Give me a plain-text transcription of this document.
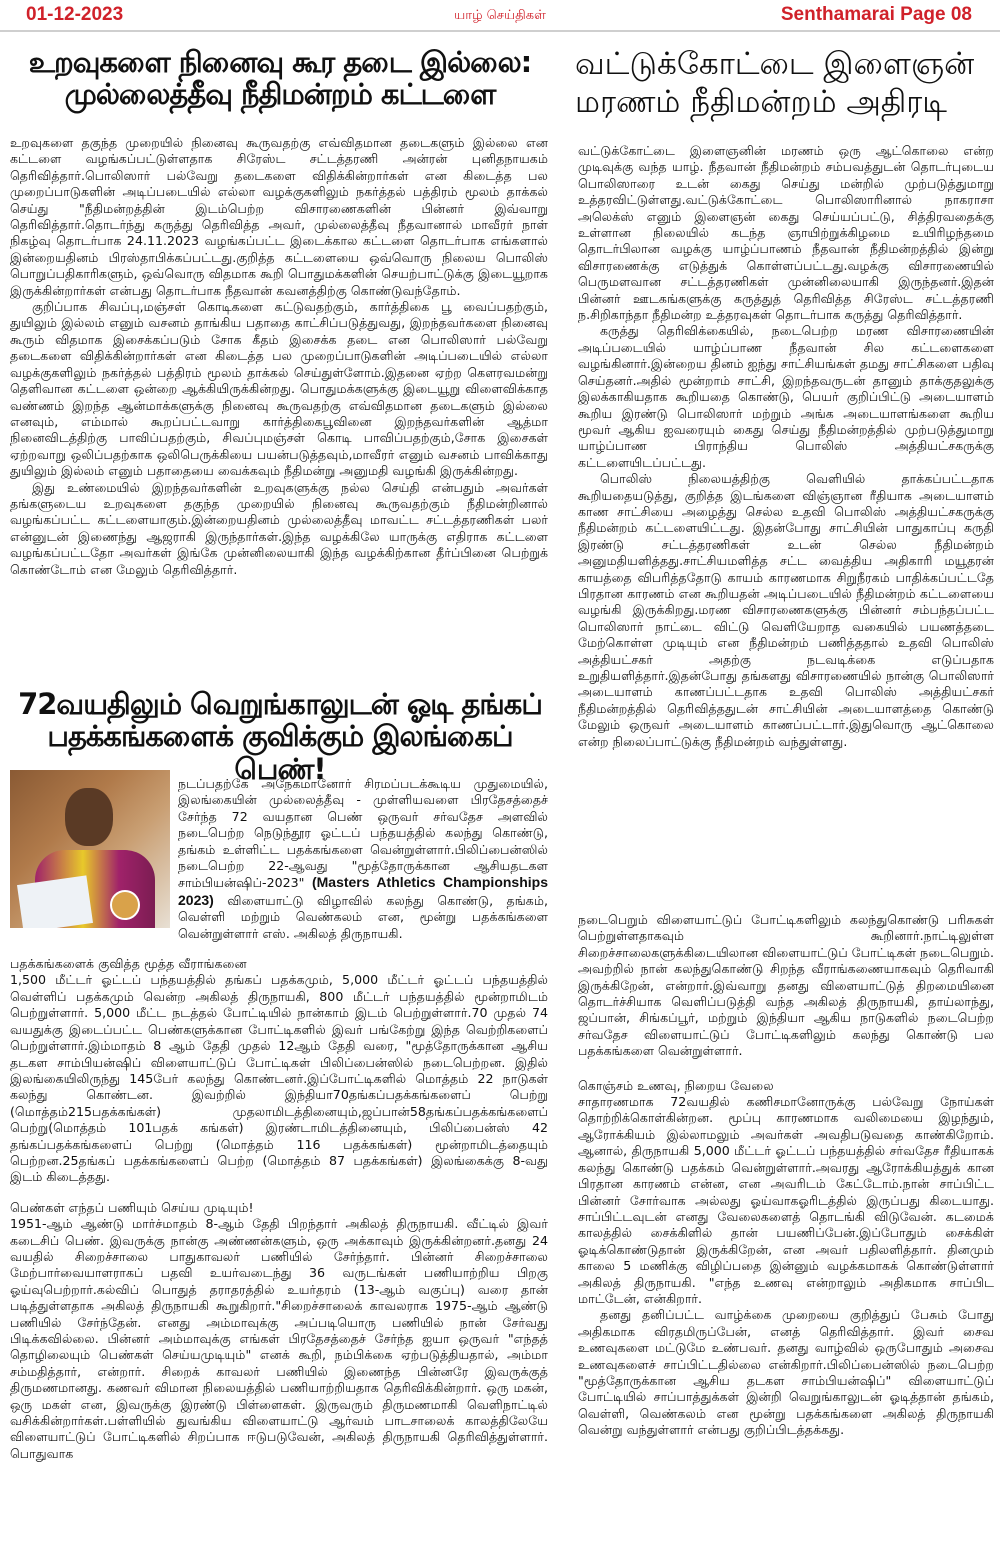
01-12-2023	யாழ் செய்திகள்	Senthamarai Page 08
உறவுகளை நினைவு கூர தடை இல்லை:
முல்லைத்தீவு நீதிமன்றம் கட்டளை

உறவுகளை தகுந்த முறையில் நினைவு கூருவதற்கு எவ்விதமான தடைகளும் இல்லை என கட்டளை வழங்கப்பட்டுள்ளதாக சிரேஸ்ட சட்டத்தரணி அன்ரன் புனிதநாயகம் தெரிவித்தார்.பொலிஸார் பல்வேறு தடைகளை விதிக்கின்றார்கள் என கிடைத்த பல முறைப்பாடுகளின் அடிப்படையில் எல்லா வழக்குகளிலும் நகர்த்தல் பத்திரம் மூலம் தாக்கல் செய்து "நீதிமன்றத்தின் இடம்பெற்ற விசாரணைகளின் பின்னர் இவ்வாறு தெரிவித்தார்.தொடர்ந்து கருத்து தெரிவித்த அவர், முல்லைத்தீவு நீதவானால் மாவீரர் நாள் நிகழ்வு தொடர்பாக 24.11.2023 வழங்கப்பட்ட இடைக்கால கட்டளை தொடர்பாக எங்களால் இன்றையதினம் பிரஸ்தாபிக்கப்பட்டது.குறித்த கட்டளையை ஒவ்வொரு நிலைய பொலிஸ் பொறுப்பதிகாரிகளும், ஒவ்வொரு விதமாக கூறி பொதுமக்களின் செயற்பாட்டுக்கு இடையூறாக இருக்கின்றார்கள் என்பது தொடர்பாக நீதவான் கவனத்திற்கு கொண்டுவந்தோம்.

குறிப்பாக சிவப்பு,மஞ்சள் கொடிகளை கட்டுவதற்கும், கார்த்திகை பூ வைப்பதற்கும், துயிலும் இல்லம் எனும் வசனம் தாங்கிய பதாதை காட்சிப்படுத்துவது, இறந்தவர்களை நினைவு கூரும் விதமாக இசைக்கப்படும் சோக கீதம் இசைக்க தடை என பொலிஸார் பல்வேறு தடைகளை விதிக்கின்றார்கள் என கிடைத்த பல முறைப்பாடுகளின் அடிப்படையில் எல்லா வழக்குகளிலும் நகர்த்தல் பத்திரம் மூலம் தாக்கல் செய்துள்ளோம்.இதனை ஏற்ற கௌரவமன்று தெளிவான கட்டளை ஒன்றை ஆக்கியிருக்கின்றது. பொதுமக்களுக்கு இடையூறு விளைவிக்காத வண்ணம் இறந்த ஆன்மாக்களுக்கு நினைவு கூருவதற்கு எவ்விதமான தடைகளும் இல்லை எனவும், எம்மால் கூறப்பட்டவாறு கார்த்திகைபூவினை இறந்தவர்களின் ஆத்மா நினைவிடத்திற்கு பாவிப்பதற்கும், சிவப்புமஞ்சள் கொடி பாவிப்பதற்கும்,சோக இசைகள் ஏற்றவாறு ஒலிப்பதற்காக ஒலிபெருக்கியை பயன்படுத்தவும்,மாவீரர் எனும் வசனம் பாவிக்காது துயிலும் இல்லம் எனும் பதாதையை வைக்கவும் நீதிமன்று அனுமதி வழங்கி இருக்கின்றது.

இது உண்மையில் இறந்தவர்களின் உறவுகளுக்கு நல்ல செய்தி என்பதும் அவர்கள் தங்களுடைய உறவுகளை தகுந்த முறையில் நினைவு கூருவதற்கும் நீதிமன்றினால் வழங்கப்பட்ட கட்டளையாகும்.இன்றையதினம் முல்லைத்தீவு மாவட்ட சட்டத்தரணிகள் பலர் என்னுடன் இணைந்து ஆஜராகி இருந்தார்கள்.இந்த வழக்கிலே யாருக்கு எதிராக கட்டளை வழங்கப்பட்டதோ அவர்கள் இங்கே முன்னிலையாகி இந்த வழக்கிற்கான தீர்ப்பினை பெற்றுக் கொண்டோம் என மேலும் தெரிவித்தார்.

72வயதிலும் வெறுங்காலுடன் ஓடி தங்கப்
பதக்கங்களைக் குவிக்கும் இலங்கைப் பெண்!

நடப்பதற்கே அநேகமானோர் சிரமப்படக்கூடிய முதுமையில், இலங்கையின் முல்லைத்தீவு - முள்ளியவளை பிரதேசத்தைச் சேர்ந்த 72 வயதான பெண் ஒருவர் சர்வதேச அளவில் நடைபெற்ற நெடுந்தூர ஓட்டப் பந்தயத்தில் கலந்து கொண்டு, தங்கம் உள்ளிட்ட பதக்கங்களை வென்றுள்ளார்.பிலிப்பைன்ஸில் நடைபெற்ற 22-ஆவது "மூத்தோருக்கான ஆசியதடகள சாம்பியன்ஷிப்-2023" (Masters Athletics Championships 2023) விளையாட்டு விழாவில் கலந்து கொண்டு, தங்கம், வெள்ளி மற்றும் வெண்கலம் என, மூன்று பதக்கங்களை வென்றுள்ளார் எஸ். அகிலத் திருநாயகி.

பதக்கங்களைக் குவித்த மூத்த வீராங்கனை

1,500 மீட்டர் ஓட்டப் பந்தயத்தில் தங்கப் பதக்கமும், 5,000 மீட்டர் ஓட்டப் பந்தயத்தில் வெள்ளிப் பதக்கமும் வென்ற அகிலத் திருநாயகி, 800 மீட்டர் பந்தயத்தில் மூன்றாமிடம் பெற்றுள்ளார். 5,000 மீட்ட நடத்தல் போட்டியில் நான்காம் இடம் பெற்றுள்ளார்.70 முதல் 74 வயதுக்கு இடைப்பட்ட பெண்களுக்கான போட்டிகளில் இவர் பங்கேற்று இந்த வெற்றிகளைப் பெற்றுள்ளார்.இம்மாதம் 8 ஆம் தேதி முதல் 12ஆம் தேதி வரை, "மூத்தோருக்கான ஆசிய தடகள சாம்பியன்ஷிப் விளையாட்டுப் போட்டிகள் பிலிப்பைன்ஸில் நடைபெற்றன. இதில் இலங்கையிலிருந்து 145பேர் கலந்து கொண்டனர்.இப்போட்டிகளில் மொத்தம் 22 நாடுகள் கலந்து கொண்டன. இவற்றில் இந்தியா70தங்கப்பதக்கங்களைப் பெற்று (மொத்தம்215பதக்கங்கள்) முதலாமிடத்தினையும்,ஜப்பான்58தங்கப்பதக்கங்களைப் பெற்று(மொத்தம் 101பதக் கங்கள்) இரண்டாமிடத்தினையும், பிலிப்பைன்ஸ் 42 தங்கப்பதக்கங்களைப் பெற்று (மொத்தம் 116 பதக்கங்கள்) மூன்றாமிடத்தையும் பெற்றன.25தங்கப் பதக்கங்களைப் பெற்ற (மொத்தம் 87 பதக்கங்கள்) இலங்கைக்கு 8-வது இடம் கிடைத்தது.

பெண்கள் எந்தப் பணியும் செய்ய முடியும்!

1951-ஆம் ஆண்டு மார்ச்மாதம் 8-ஆம் தேதி பிறந்தார் அகிலத் திருநாயகி. வீட்டில் இவர் கடைசிப் பெண். இவருக்கு நான்கு அண்ணன்களும், ஒரு அக்காவும் இருக்கின்றனர்.தனது 24 வயதில் சிறைச்சாலை பாதுகாவலர் பணியில் சேர்ந்தார். பின்னர் சிறைச்சாலை மேற்பார்வையாளராகப் பதவி உயர்வடைந்து 36 வருடங்கள் பணியாற்றிய பிறகு ஓய்வுபெற்றார்.கல்விப் பொதுத் தராதரத்தில் உயர்தரம் (13-ஆம் வகுப்பு) வரை தான் படித்துள்ளதாக அகிலத் திருநாயகி கூறுகிறார்."சிறைச்சாலைக் காவலராக 1975-ஆம் ஆண்டு பணியில் சேர்ந்தேன். எனது அம்மாவுக்கு அப்படியொரு பணியில் நான் சேர்வது பிடிக்கவில்லை. பின்னர் அம்மாவுக்கு எங்கள் பிரதேசத்தைச் சேர்ந்த ஐயா ஒருவர் "எந்தத் தொழிலையும் பெண்கள் செய்யமுடியும்" எனக் கூறி, நம்பிக்கை ஏற்படுத்தியதால், அம்மா சம்மதித்தார், என்றார். சிறைக் காவலர் பணியில் இணைந்த பின்னரே இவருக்குத் திருமணமானது. கணவர் விமான நிலையத்தில் பணியாற்றியதாக தெரிவிக்கின்றார். ஒரு மகன், ஒரு மகள் என, இவருக்கு இரண்டு பிள்ளைகள். இருவரும் திருமணமாகி வெளிநாட்டில் வசிக்கின்றார்கள்.பள்ளியில் துவங்கிய விளையாட்டு ஆர்வம் பாடசாலைக் காலத்திலேயே விளையாட்டுப் போட்டிகளில் சிறப்பாக ஈடுபடுவேன், அகிலத் திருநாயகி தெரிவித்துள்ளார். பொதுவாக

வட்டுக்கோட்டை இளைஞன்
மரணம் நீதிமன்றம் அதிரடி

வட்டுக்கோட்டை இளைஞனின் மரணம் ஒரு ஆட்கொலை என்ற முடிவுக்கு வந்த யாழ். நீதவான் நீதிமன்றம் சம்பவத்துடன் தொடர்புடைய பொலிஸாரை உடன் கைது செய்து மன்றில் முற்படுத்துமாறு உத்தரவிட்டுள்ளது.வட்டுக்கோட்டை பொலிஸாரினால் நாகராசா அலெக்ஸ் எனும் இளைஞன் கைது செய்யப்பட்டு, சித்திரவதைக்கு உள்ளான நிலையில் கடந்த ஞாயிற்றுக்கிழமை உயிரிழந்தமை தொடர்பிலான வழக்கு யாழ்ப்பாணம் நீதவான் நீதிமன்றத்தில் இன்று விசாரணைக்கு எடுத்துக் கொள்ளப்பட்டது.வழக்கு விசாரணையில் பெருமளவான சட்டத்தரணிகள் முன்னிலையாகி இருந்தனர்.இதன் பின்னர் ஊடகங்களுக்கு கருத்துத் தெரிவித்த சிரேஸ்ட சட்டத்தரணி ந.சிறிகாந்தா நீதிமன்ற உத்தரவுகள் தொடர்பாக கருத்து தெரிவித்தார்.

கருத்து தெரிவிக்கையில், நடைபெற்ற மரண விசாரணையின் அடிப்படையில் யாழ்ப்பாண நீதவான் சில கட்டளைகளை வழங்கினார்.இன்றைய தினம் ஐந்து சாட்சியங்கள் தமது சாட்சிகளை பதிவு செய்தனர்.அதில் மூன்றாம் சாட்சி, இறந்தவருடன் தானும் தாக்குதலுக்கு இலக்காகியதாக கூறியதை கொண்டு, பெயர் குறிப்பிட்டு அடையாளம் கூறிய இரண்டு பொலிஸார் மற்றும் அங்க அடையாளங்களை கூறிய மூவர் ஆகிய ஐவரையும் கைது செய்து நீதிமன்றத்தில் முற்படுத்துமாறு யாழ்ப்பாண பிராந்திய பொலிஸ் அத்தியட்சகருக்கு கட்டளையிடப்பட்டது.

பொலிஸ் நிலையத்திற்கு வெளியில் தாக்கப்பட்டதாக கூறியதையடுத்து, குறித்த இடங்களை விஞ்ஞான ரீதியாக அடையாளம் காண சாட்சியை அழைத்து செல்ல உதவி பொலிஸ் அத்தியட்சகருக்கு நீதிமன்றம் கட்டளையிட்டது. இதன்போது சாட்சியின் பாதுகாப்பு கருதி இரண்டு சட்டத்தரணிகள் உடன் செல்ல நீதிமன்றம் அனுமதியளித்தது.சாட்சியமளித்த சட்ட வைத்திய அதிகாரி மயூதரன் காயத்தை விபரித்ததோடு காயம் காரணமாக சிறுநீரகம் பாதிக்கப்பட்டதே பிரதான காரணம் என கூறியதன் அடிப்படையில் நீதிமன்றம் கட்டளையை வழங்கி இருக்கிறது.மரண விசாரணைகளுக்கு பின்னர் சம்பந்தப்பட்ட பொலிஸார் நாட்டை விட்டு வெளியேறாத வகையில் பயணத்தடை மேற்கொள்ள முடியும் என நீதிமன்றம் பணித்ததால் உதவி பொலிஸ் அத்தியட்சகர் அதற்கு நடவடிக்கை எடுப்பதாக உறுதியளித்தார்.இதன்போது தங்களது விசாரணையில் நான்கு பொலிஸார் அடையாளம் காணப்பட்டதாக உதவி பொலிஸ் அத்தியட்சகர் நீதிமன்றத்தில் தெரிவித்ததுடன் சாட்சியின் அடையாளத்தை கொண்டு மேலும் ஒருவர் அடையாளம் காணப்பட்டார்.இதுவொரு ஆட்கொலை என்ற நிலைப்பாட்டுக்கு நீதிமன்றம் வந்துள்ளது.

நடைபெறும் விளையாட்டுப் போட்டிகளிலும் கலந்துகொண்டு பரிசுகள் பெற்றுள்ளதாகவும் கூறினார்.நாட்டிலுள்ள சிறைச்சாலைகளுக்கிடையிலான விளையாட்டுப் போட்டிகள் நடைபெறும். அவற்றில் நான் கலந்துகொண்டு சிறந்த வீராங்கணையாகவும் தெரிவாகி இருக்கிறேன், என்றார்.இவ்வாறு தனது விளையாட்டுத் திறமையினை தொடர்ச்சியாக வெளிப்படுத்தி வந்த அகிலத் திருநாயகி, தாய்லாந்து, ஜப்பான், சிங்கப்பூர், மற்றும் இந்தியா ஆகிய நாடுகளில் நடைபெற்ற சர்வதேச விளையாட்டுப் போட்டிகளிலும் கலந்து கொண்டு பல பதக்கங்களை வென்றுள்ளார்.

கொஞ்சம் உணவு, நிறைய வேலை

சாதாரணமாக 72வயதில் கணிசமானோருக்கு பல்வேறு நோய்கள் தொற்றிக்கொள்கின்றன. மூப்பு காரணமாக வலிமையை இழந்தும், ஆரோக்கியம் இல்லாமலும் அவர்கள் அவதிபடுவதை காண்கிறோம். ஆனால், திருநாயகி 5,000 மீட்டர் ஓட்டப் பந்தயத்தில் சர்வதேச ரீதியாகக் கலந்து கொண்டு பதக்கம் வென்றுள்ளார்.அவரது ஆரோக்கியத்துக் கான பிரதான காரணம் என்ன, என அவரிடம் கேட்டோம்.நான் சாப்பிட்ட பின்னர் சோர்வாக அல்லது ஓய்வாகஓரிடத்தில் இருப்பது கிடையாது. சாப்பிட்டவுடன் எனது வேலைகளைத் தொடங்கி விடுவேன். கடமைக் காலத்தில் சைக்கிளில் தான் பயணிப்பேன்.இப்போதும் சைக்கிள் ஓடிக்கொண்டுதான் இருக்கிறேன், என அவர் பதிலளித்தார். தினமும் காலை 5 மணிக்கு விழிப்பதை இன்னும் வழக்கமாகக் கொண்டுள்ளார் அகிலத் திருநாயகி. "எந்த உணவு என்றாலும் அதிகமாக சாப்பிட மாட்டேன், என்கிறார்.

தனது தனிப்பட்ட வாழ்க்கை முறையை குறித்துப் பேசும் போது அதிகமாக விரதமிருப்பேன், எனத் தெரிவித்தார். இவர் சைவ உணவுகளை மட்டுமே உண்பவர். தனது வாழ்வில் ஒருபோதும் அசைவ உணவுகளைச் சாப்பிட்டதில்லை என்கிறார்.பிலிப்பைன்ஸில் நடைபெற்ற "மூத்தோருக்கான ஆசிய தடகள சாம்பியன்ஷிப்" விளையாட்டுப் போட்டியில் சாப்பாத்துக்கள் இன்றி வெறுங்காலுடன் ஓடித்தான் தங்கம், வெள்ளி, வெண்கலம் என மூன்று பதக்கங்களை அகிலத் திருநாயகி வென்று வந்துள்ளார் என்பது குறிப்பிடத்தக்கது.
